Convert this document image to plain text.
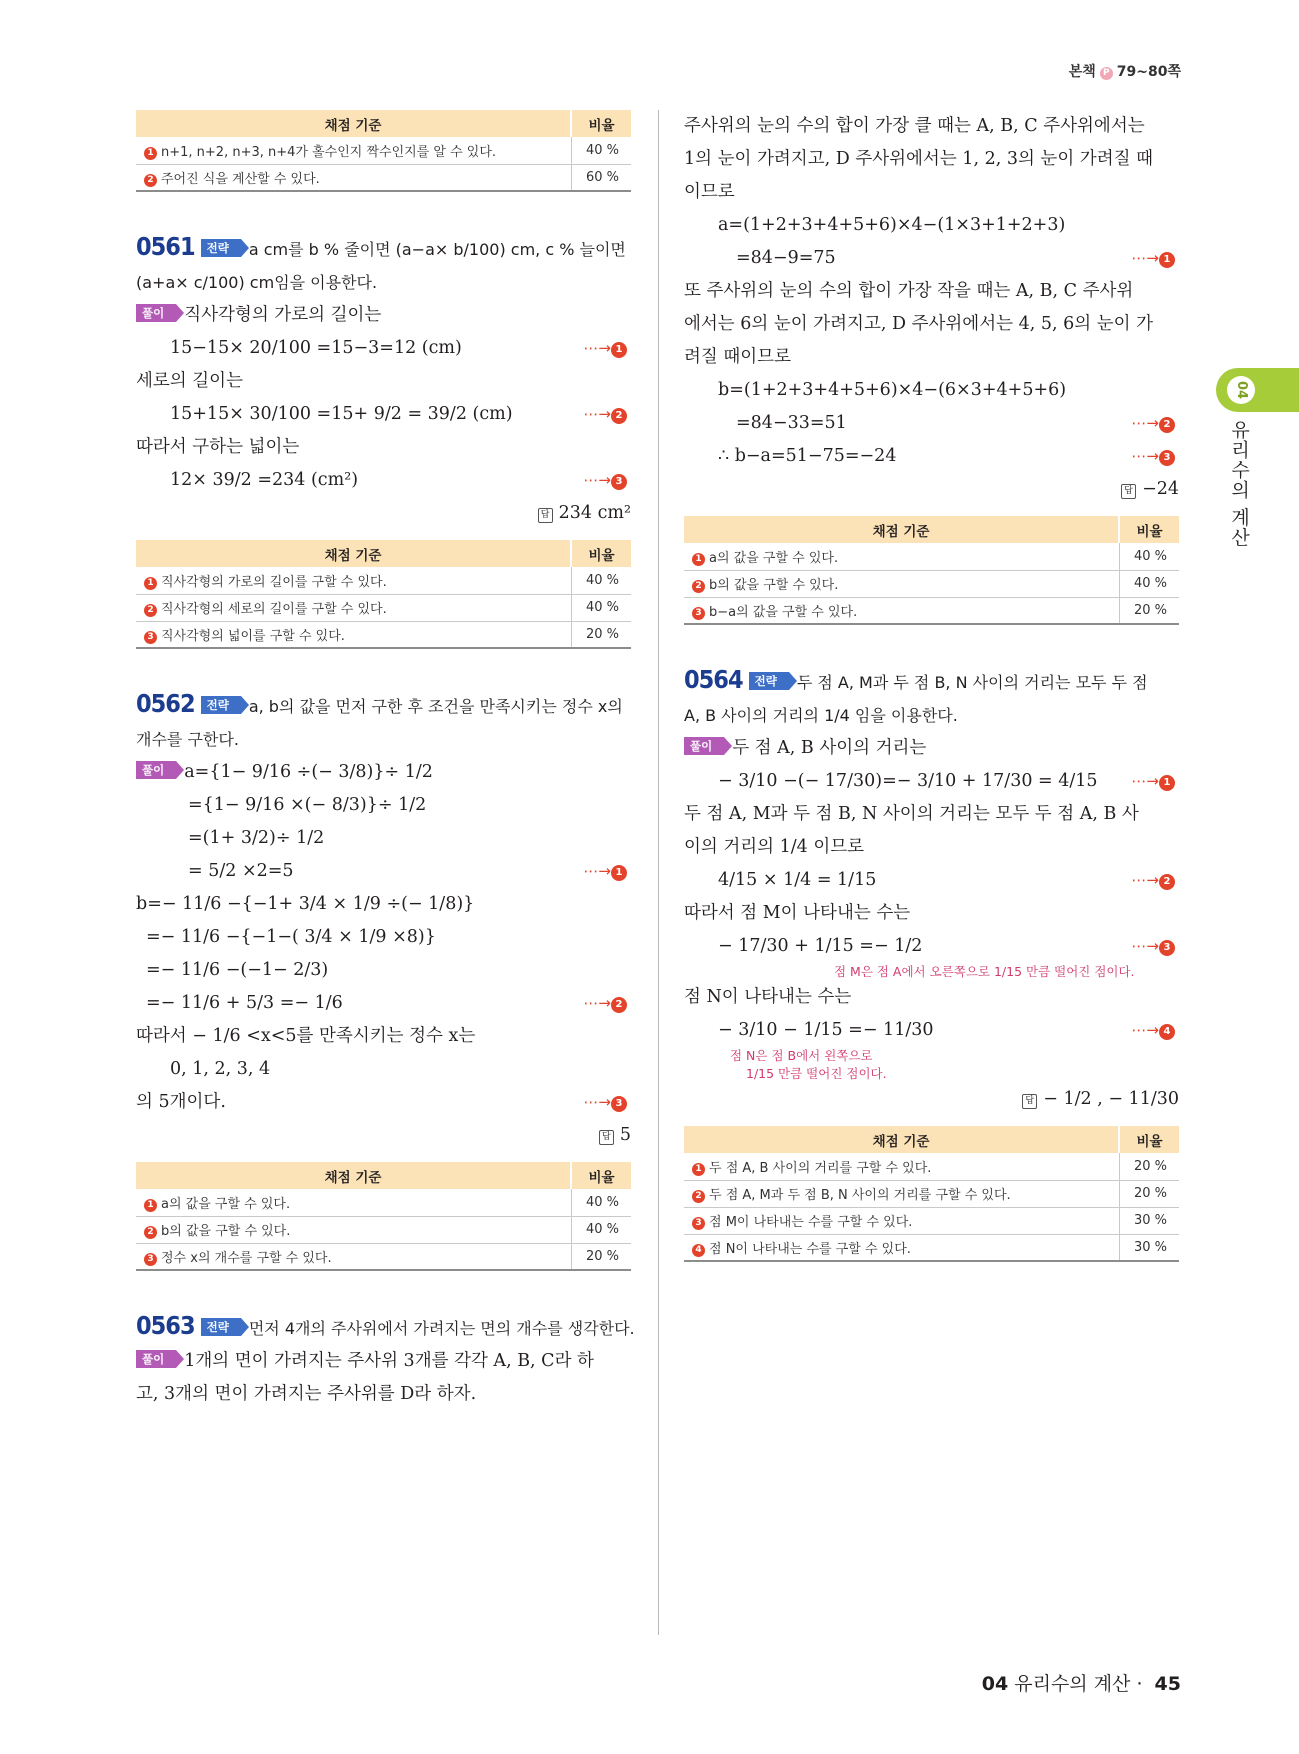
본책 P 79~80쪽
04
유리수의 계산
채점 기준	비율
1 n+1, n+2, n+3, n+4가 홀수인지 짝수인지를 알 수 있다.	40 %
2 주어진 식을 계산할 수 있다.	60 %
0561 전략 a cm를 b % 줄이면 (a−a× b/100) cm, c % 늘이면
(a+a× c/100) cm임을 이용한다.
풀이 직사각형의 가로의 길이는
15−15× 20/100 =15−3=12 (cm)	⋯→ 1
세로의 길이는
15+15× 30/100 =15+ 9/2 = 39/2 (cm)	⋯→ 2
따라서 구하는 넓이는
12× 39/2 =234 (cm²)	⋯→ 3
답 234 cm²
채점 기준	비율
1 직사각형의 가로의 길이를 구할 수 있다.	40 %
2 직사각형의 세로의 길이를 구할 수 있다.	40 %
3 직사각형의 넓이를 구할 수 있다.	20 %
0562 전략 a, b의 값을 먼저 구한 후 조건을 만족시키는 정수 x의
개수를 구한다.
풀이 a={1− 9/16 ÷(− 3/8)}÷ 1/2
={1− 9/16 ×(− 8/3)}÷ 1/2
=(1+ 3/2)÷ 1/2
= 5/2 ×2=5	⋯→ 1
b=− 11/6 −{−1+ 3/4 × 1/9 ÷(− 1/8)}
=− 11/6 −{−1−( 3/4 × 1/9 ×8)}
=− 11/6 −(−1− 2/3)
=− 11/6 + 5/3 =− 1/6	⋯→ 2
따라서 − 1/6 <x<5를 만족시키는 정수 x는
0, 1, 2, 3, 4
의 5개이다.	⋯→ 3
답 5
채점 기준	비율
1 a의 값을 구할 수 있다.	40 %
2 b의 값을 구할 수 있다.	40 %
3 정수 x의 개수를 구할 수 있다.	20 %
0563 전략 먼저 4개의 주사위에서 가려지는 면의 개수를 생각한다.
풀이 1개의 면이 가려지는 주사위 3개를 각각 A, B, C라 하
고, 3개의 면이 가려지는 주사위를 D라 하자.
주사위의 눈의 수의 합이 가장 클 때는 A, B, C 주사위에서는
1의 눈이 가려지고, D 주사위에서는 1, 2, 3의 눈이 가려질 때
이므로
a=(1+2+3+4+5+6)×4−(1×3+1+2+3)
=84−9=75	⋯→ 1
또 주사위의 눈의 수의 합이 가장 작을 때는 A, B, C 주사위
에서는 6의 눈이 가려지고, D 주사위에서는 4, 5, 6의 눈이 가
려질 때이므로
b=(1+2+3+4+5+6)×4−(6×3+4+5+6)
=84−33=51	⋯→ 2
∴ b−a=51−75=−24	⋯→ 3
답 −24
채점 기준	비율
1 a의 값을 구할 수 있다.	40 %
2 b의 값을 구할 수 있다.	40 %
3 b−a의 값을 구할 수 있다.	20 %
0564 전략 두 점 A, M과 두 점 B, N 사이의 거리는 모두 두 점
A, B 사이의 거리의 1/4 임을 이용한다.
풀이 두 점 A, B 사이의 거리는
− 3/10 −(− 17/30)=− 3/10 + 17/30 = 4/15 ⋯→ 1
두 점 A, M과 두 점 B, N 사이의 거리는 모두 두 점 A, B 사
이의 거리의 1/4 이므로
4/15 × 1/4 = 1/15	⋯→ 2
따라서 점 M이 나타내는 수는
− 17/30 + 1/15 =− 1/2	⋯→ 3
점 M은 점 A에서 오른쪽으로 1/15 만큼 떨어진 점이다.
점 N이 나타내는 수는
− 3/10 − 1/15 =− 11/30	⋯→ 4
점 N은 점 B에서 왼쪽으로
1/15 만큼 떨어진 점이다.
답 − 1/2 , − 11/30
채점 기준	비율
1 두 점 A, B 사이의 거리를 구할 수 있다.	20 %
2 두 점 A, M과 두 점 B, N 사이의 거리를 구할 수 있다.	20 %
3 점 M이 나타내는 수를 구할 수 있다.	30 %
4 점 N이 나타내는 수를 구할 수 있다.	30 %
04 유리수의 계산 · 45
